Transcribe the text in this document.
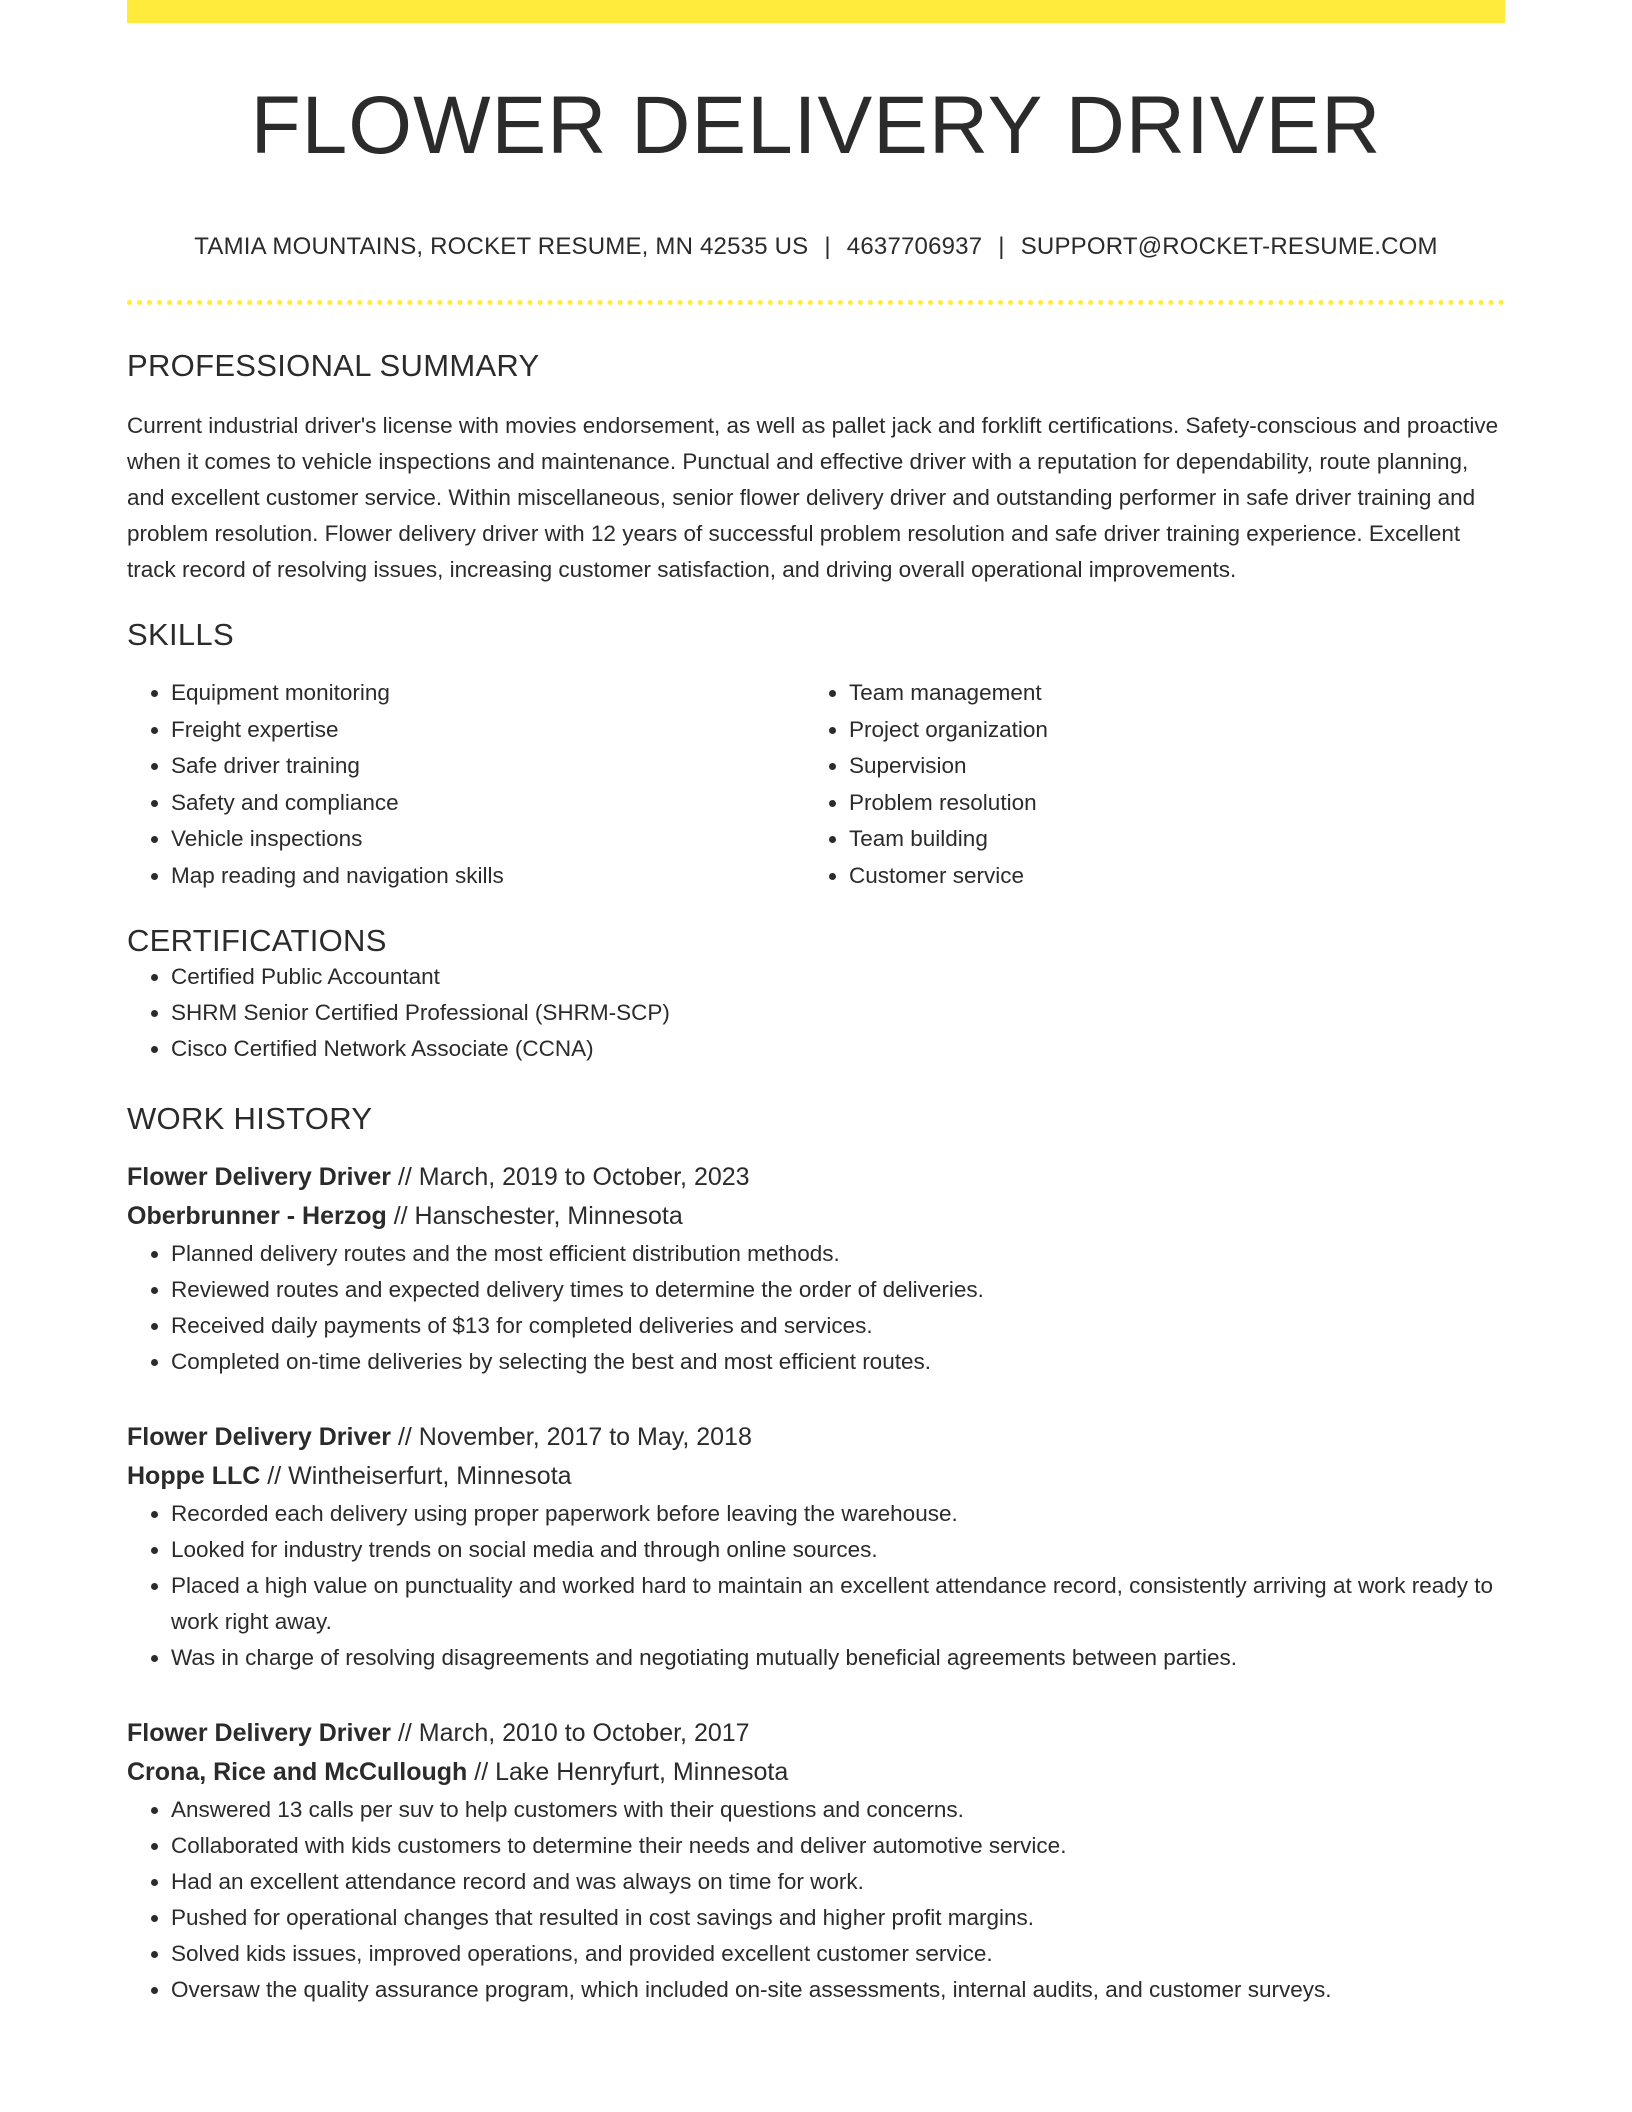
FLOWER DELIVERY DRIVER
TAMIA MOUNTAINS, ROCKET RESUME, MN 42535 US | 4637706937 | SUPPORT@ROCKET-RESUME.COM
PROFESSIONAL SUMMARY

Current industrial driver's license with movies endorsement, as well as pallet jack and forklift certifications. Safety-conscious and proactive when it comes to vehicle inspections and maintenance. Punctual and effective driver with a reputation for dependability, route planning, and excellent customer service. Within miscellaneous, senior flower delivery driver and outstanding performer in safe driver training and problem resolution. Flower delivery driver with 12 years of successful problem resolution and safe driver training experience. Excellent track record of resolving issues, increasing customer satisfaction, and driving overall operational improvements.

SKILLS
• Equipment monitoring
• Freight expertise
• Safe driver training
• Safety and compliance
• Vehicle inspections
• Map reading and navigation skills
• Team management
• Project organization
• Supervision
• Problem resolution
• Team building
• Customer service
CERTIFICATIONS
• Certified Public Accountant
• SHRM Senior Certified Professional (SHRM-SCP)
• Cisco Certified Network Associate (CCNA)
WORK HISTORY
Flower Delivery Driver // March, 2019 to October, 2023
Oberbrunner - Herzog // Hanschester, Minnesota
• Planned delivery routes and the most efficient distribution methods.
• Reviewed routes and expected delivery times to determine the order of deliveries.
• Received daily payments of $13 for completed deliveries and services.
• Completed on-time deliveries by selecting the best and most efficient routes.
Flower Delivery Driver // November, 2017 to May, 2018
Hoppe LLC // Wintheiserfurt, Minnesota
• Recorded each delivery using proper paperwork before leaving the warehouse.
• Looked for industry trends on social media and through online sources.
• Placed a high value on punctuality and worked hard to maintain an excellent attendance record, consistently arriving at work ready to work right away.
• Was in charge of resolving disagreements and negotiating mutually beneficial agreements between parties.
Flower Delivery Driver // March, 2010 to October, 2017
Crona, Rice and McCullough // Lake Henryfurt, Minnesota
• Answered 13 calls per suv to help customers with their questions and concerns.
• Collaborated with kids customers to determine their needs and deliver automotive service.
• Had an excellent attendance record and was always on time for work.
• Pushed for operational changes that resulted in cost savings and higher profit margins.
• Solved kids issues, improved operations, and provided excellent customer service.
• Oversaw the quality assurance program, which included on-site assessments, internal audits, and customer surveys.
